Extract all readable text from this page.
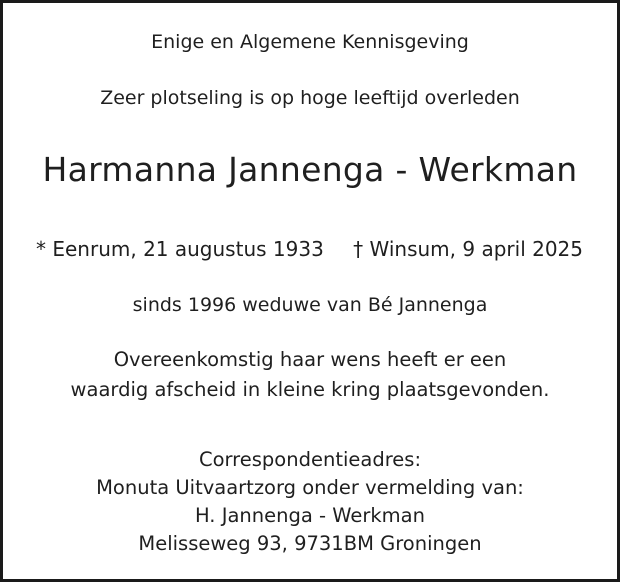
Enige en Algemene Kennisgeving
Zeer plotseling is op hoge leeftijd overleden
Harmanna Jannenga - Werkman
* Eenrum, 21 augustus 1933 † Winsum, 9 april 2025
sinds 1996 weduwe van Bé Jannenga
Overeenkomstig haar wens heeft er een
waardig afscheid in kleine kring plaatsgevonden.
Correspondentieadres:
Monuta Uitvaartzorg onder vermelding van:
H. Jannenga - Werkman
Melisseweg 93, 9731BM Groningen
